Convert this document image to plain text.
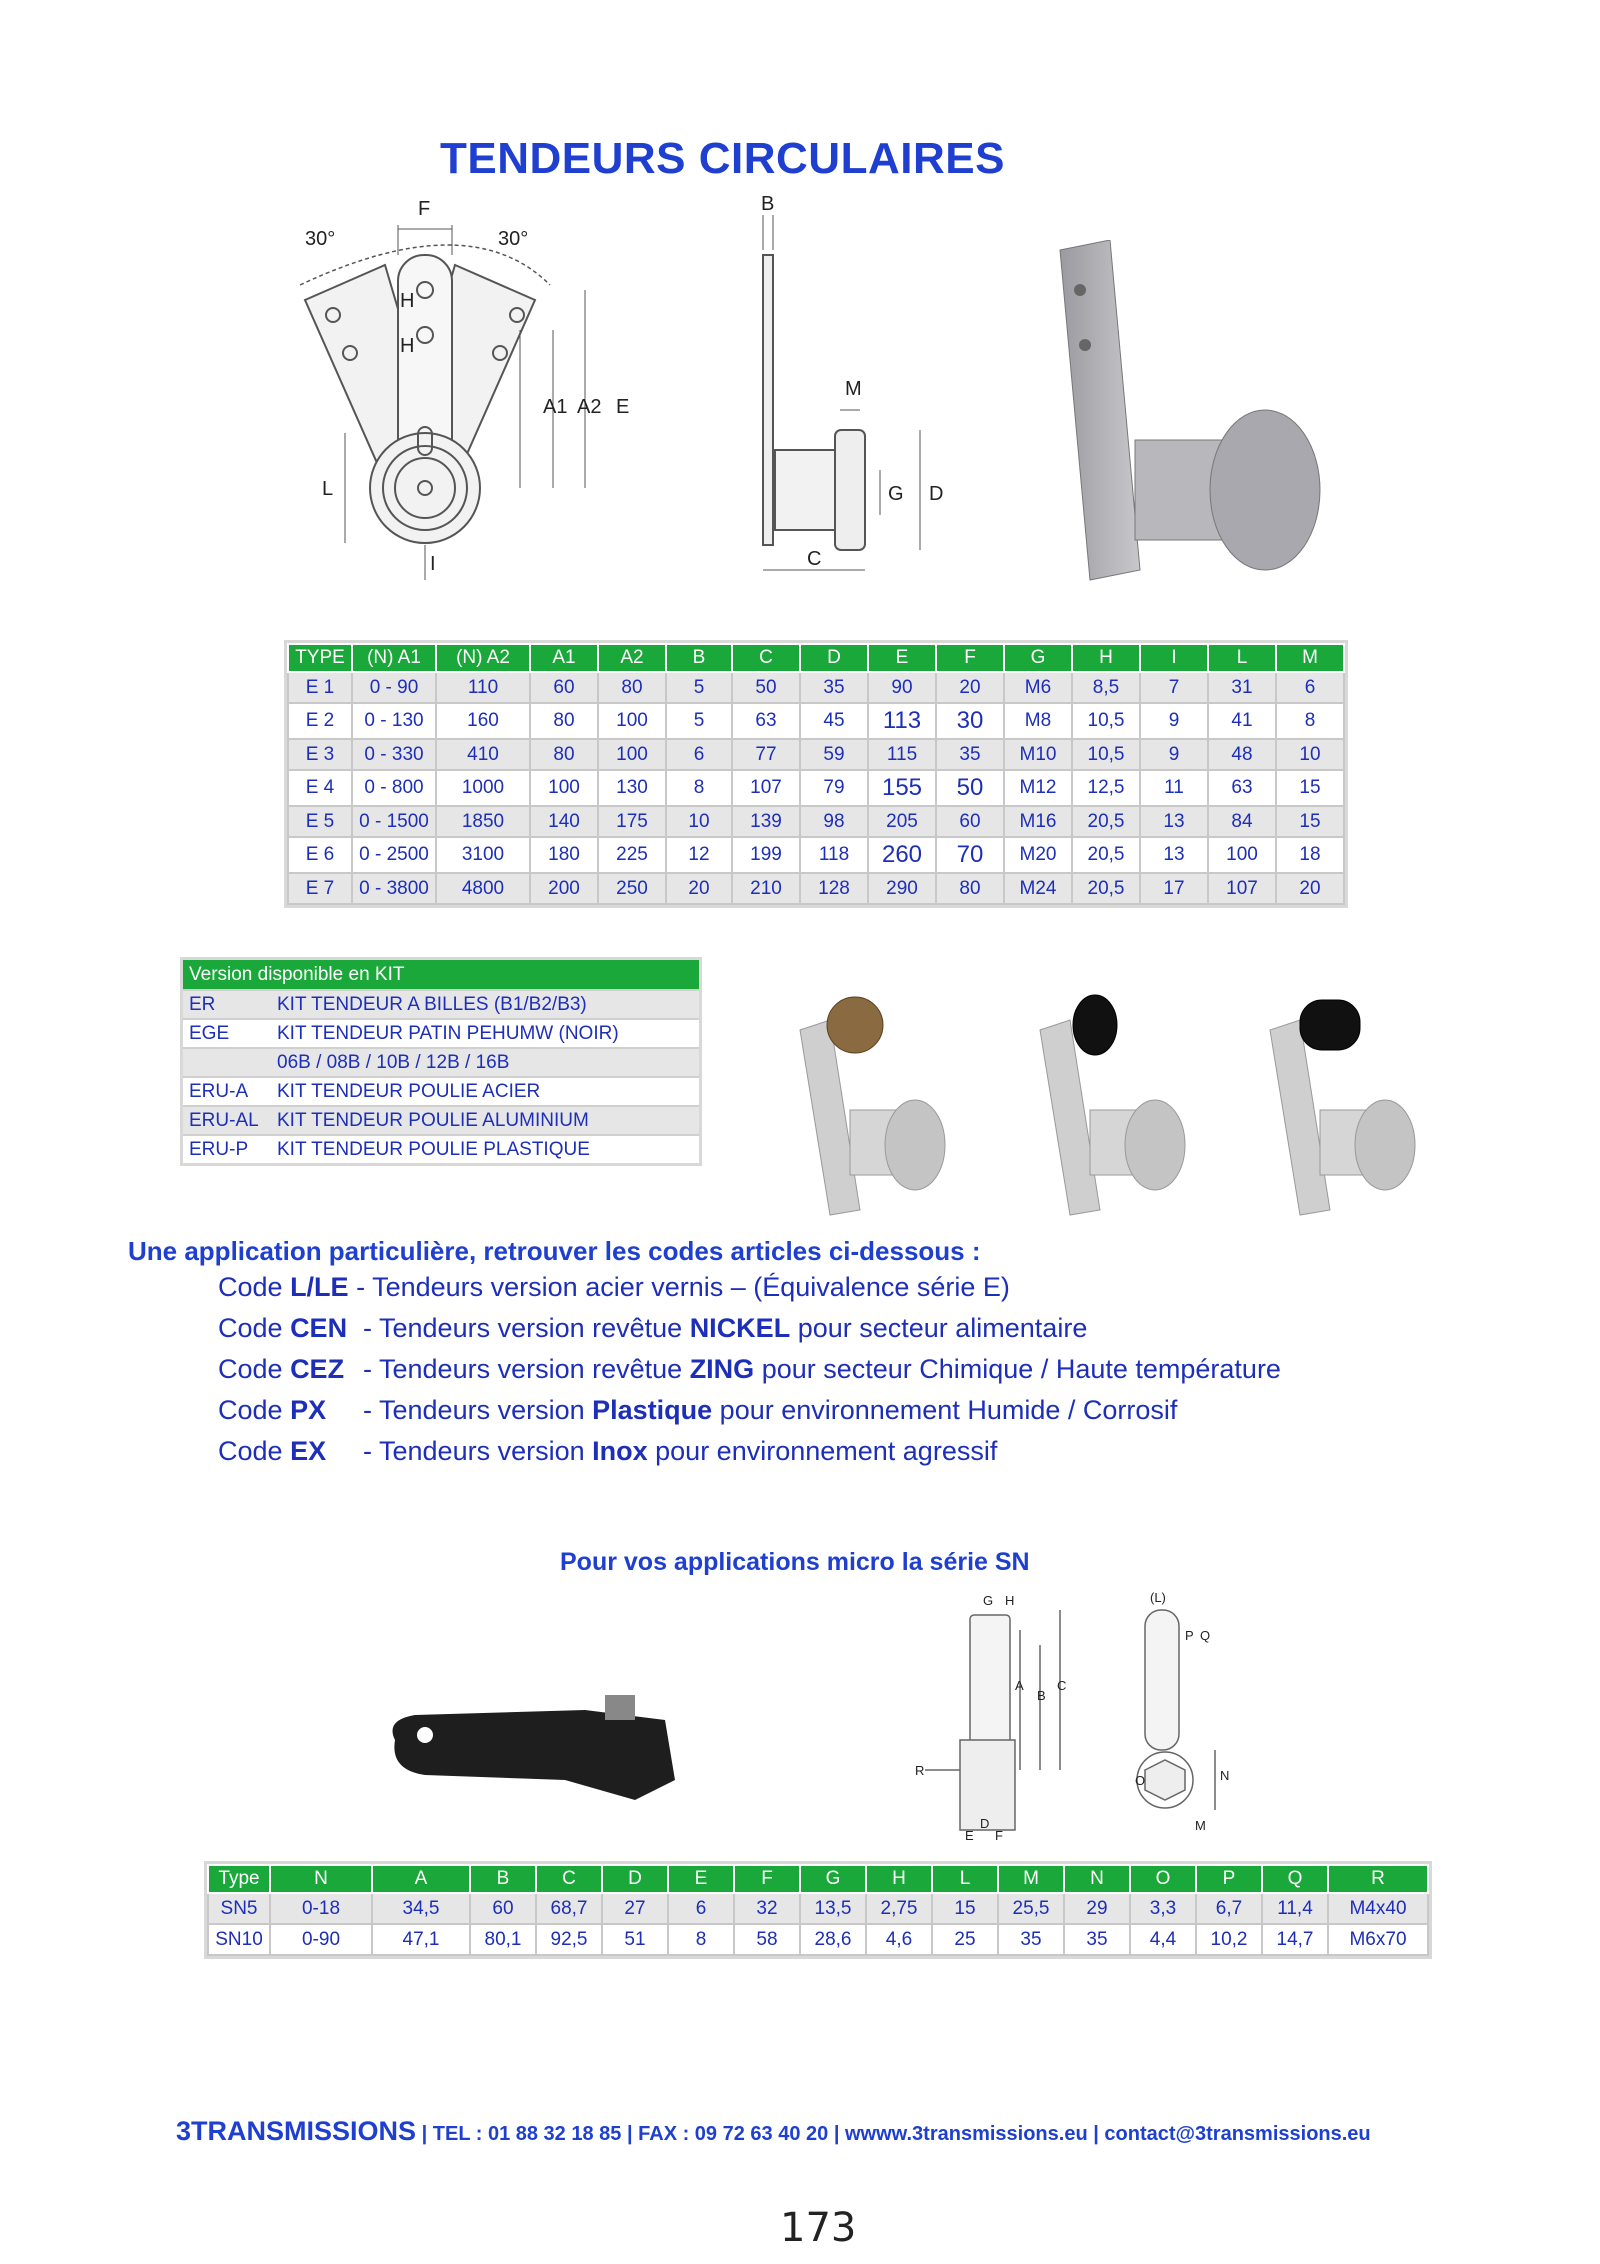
TENDEURS CIRCULAIRES
30°	30°
F
H
H
A1 A2 E
L
I
B
M
G D
C
TYPE	(N) A1	(N) A2	A1	A2	B	C	D	E	F	G	H	I	L	M
E 1	0 - 90	110	60	80	5	50	35	90	20	M6	8,5	7	31	6
E 2	0 - 130	160	80	100	5	63	45	113	30	M8	10,5	9	41	8
E 3	0 - 330	410	80	100	6	77	59	115	35	M10	10,5	9	48	10
E 4	0 - 800	1000	100	130	8	107	79	155	50	M12	12,5	11	63	15
E 5	0 - 1500	1850	140	175	10	139	98	205	60	M16	20,5	13	84	15
E 6	0 - 2500	3100	180	225	12	199	118	260	70	M20	20,5	13	100	18
E 7	0 - 3800	4800	200	250	20	210	128	290	80	M24	20,5	17	107	20
Version disponible en KIT	
ER	KIT TENDEUR A BILLES (B1/B2/B3)
EGE	KIT TENDEUR PATIN PEHUMW (NOIR)
	06B / 08B / 10B / 12B / 16B
ERU-A	KIT TENDEUR POULIE ACIER
ERU-AL	KIT TENDEUR POULIE ALUMINIUM
ERU-P	KIT TENDEUR POULIE PLASTIQUE
Une application particulière, retrouver les codes articles ci-dessous :
Code L/LE - Tendeurs version acier vernis – (Équivalence série E)
Code CEN - Tendeurs version revêtue NICKEL pour secteur alimentaire
Code CEZ - Tendeurs version revêtue ZING pour secteur Chimique / Haute température
Code PX - Tendeurs version Plastique pour environnement Humide / Corrosif
Code EX - Tendeurs version Inox pour environnement agressif
Pour vos applications micro la série SN
G H
A
B
C
R
D
E F
(L)
P Q
O	N
M
Type	N	A	B	C	D	E	F	G	H	L	M	N	O	P	Q	R
SN5	0-18	34,5	60	68,7	27	6	32	13,5	2,75	15	25,5	29	3,3	6,7	11,4	M4x40
SN10	0-90	47,1	80,1	92,5	51	8	58	28,6	4,6	25	35	35	4,4	10,2	14,7	M6x70
3TRANSMISSIONS | TEL : 01 88 32 18 85 | FAX : 09 72 63 40 20 | wwww.3transmissions.eu | contact@3transmissions.eu
173
